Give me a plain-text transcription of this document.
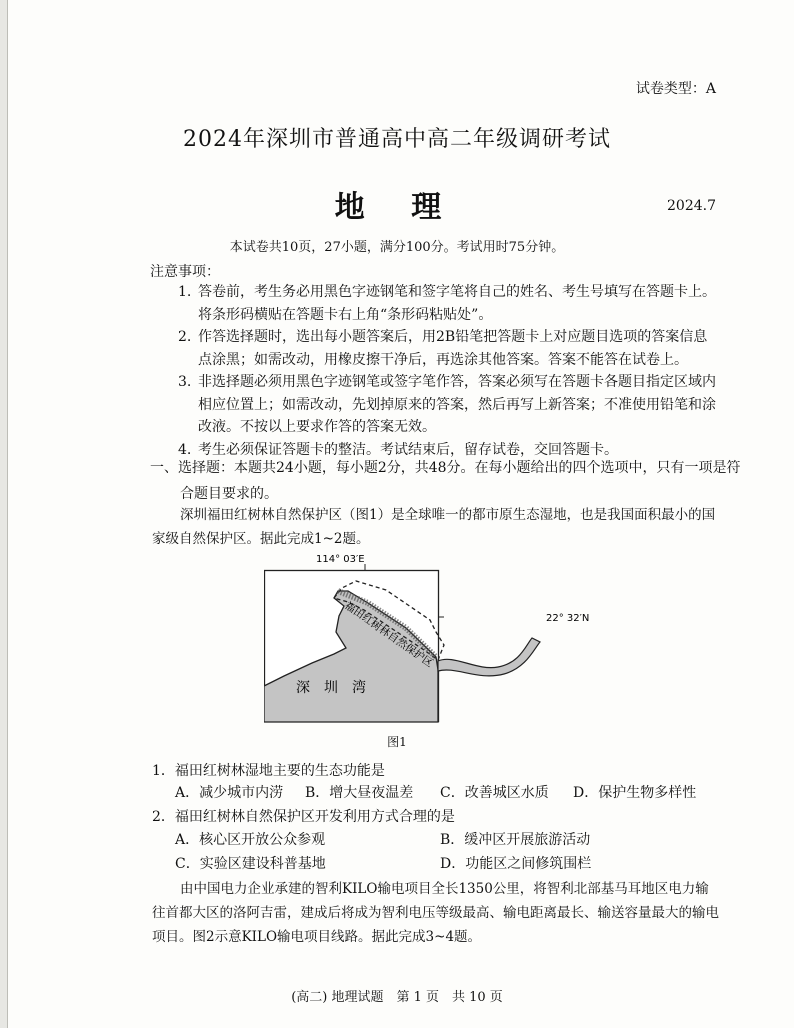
试卷类型：A
2024年深圳市普通高中高二年级调研考试
地 理	2024.7
本试卷共10页，27小题，满分100分。考试用时75分钟。
注意事项：
1. 答卷前，考生务必用黑色字迹钢笔和签字笔将自己的姓名、考生号填写在答题卡上。将条形码横贴在答题卡右上角“条形码粘贴处”。
2. 作答选择题时，选出每小题答案后，用2B铅笔把答题卡上对应题目选项的答案信息点涂黑；如需改动，用橡皮擦干净后，再选涂其他答案。答案不能答在试卷上。
3. 非选择题必须用黑色字迹钢笔或签字笔作答，答案必须写在答题卡各题目指定区域内相应位置上；如需改动，先划掉原来的答案，然后再写上新答案；不准使用铅笔和涂改液。不按以上要求作答的答案无效。
4. 考生必须保证答题卡的整洁。考试结束后，留存试卷，交回答题卡。
一、选择题：本题共24小题，每小题2分，共48分。在每小题给出的四个选项中，只有一项是符合题目要求的。
深圳福田红树林自然保护区（图1）是全球唯一的都市原生态湿地，也是我国面积最小的国家级自然保护区。据此完成1~2题。
114° 03′E
22° 32′N
福田红树林自然保护区
深　圳　湾
图1
1．福田红树林湿地主要的生态功能是
A．减少城市内涝 B．增大昼夜温差 C．改善城区水质 D．保护生物多样性
2．福田红树林自然保护区开发利用方式合理的是
A．核心区开放公众参观	B．缓冲区开展旅游活动
C．实验区建设科普基地	D．功能区之间修筑围栏
由中国电力企业承建的智利KILO输电项目全长1350公里，将智利北部基马耳地区电力输往首都大区的洛阿吉雷，建成后将成为智利电压等级最高、输电距离最长、输送容量最大的输电项目。图2示意KILO输电项目线路。据此完成3~4题。
(高二) 地理试题　第 1 页　共 10 页
